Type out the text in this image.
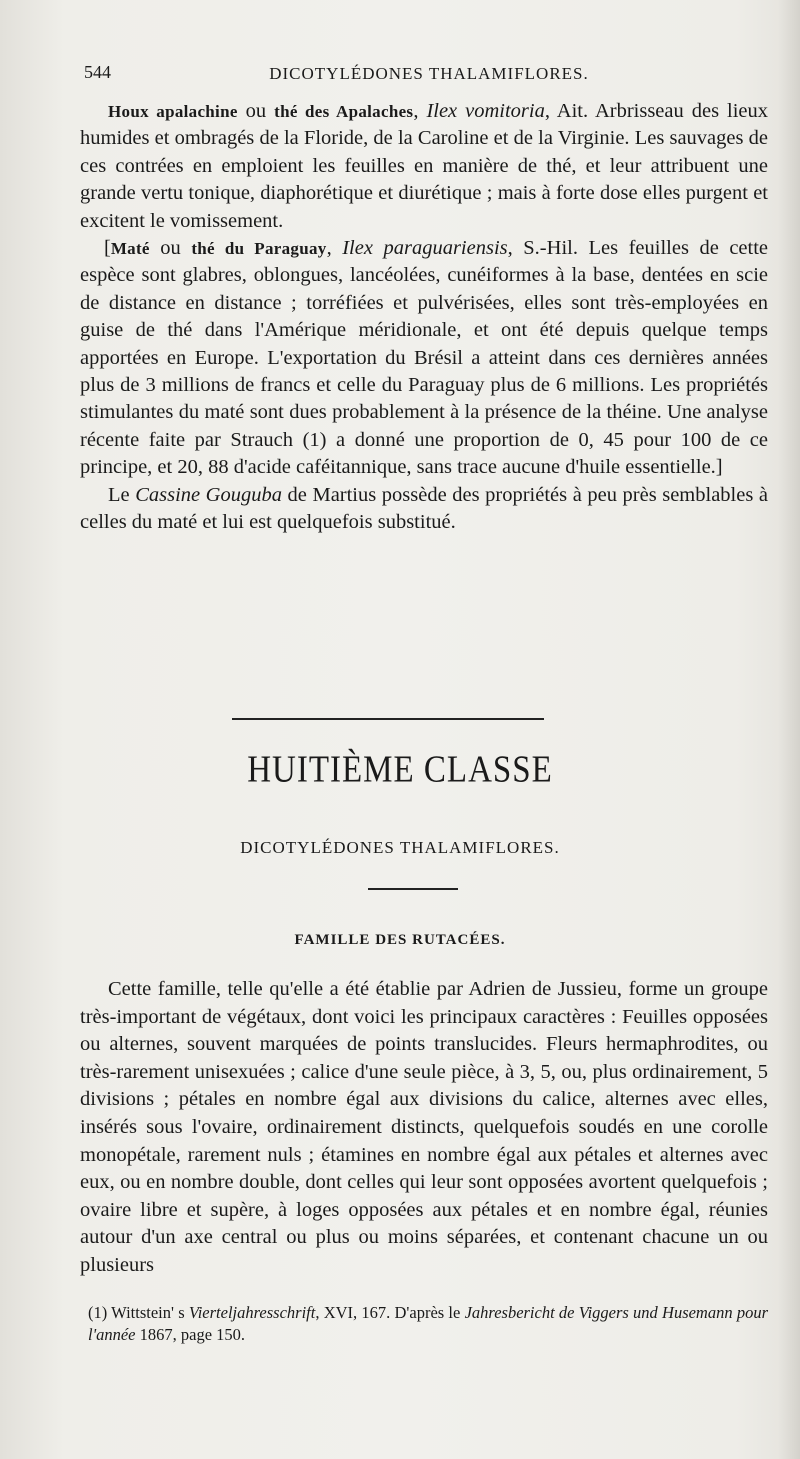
544	DICOTYLÉDONES THALAMIFLORES.

Houx apalachine ou thé des Apalaches, Ilex vomitoria, Ait. Arbrisseau des lieux humides et ombragés de la Floride, de la Caroline et de la Virginie. Les sauvages de ces contrées en emploient les feuilles en manière de thé, et leur attribuent une grande vertu tonique, diaphorétique et diurétique ; mais à forte dose elles purgent et excitent le vomissement.

[Maté ou thé du Paraguay, Ilex paraguariensis, S.-Hil. Les feuilles de cette espèce sont glabres, oblongues, lancéolées, cunéiformes à la base, dentées en scie de distance en distance ; torréfiées et pulvérisées, elles sont très-employées en guise de thé dans l'Amérique méridionale, et ont été depuis quelque temps apportées en Europe. L'exportation du Brésil a atteint dans ces dernières années plus de 3 millions de francs et celle du Paraguay plus de 6 millions. Les propriétés stimulantes du maté sont dues probablement à la présence de la théine. Une analyse récente faite par Strauch (1) a donné une proportion de 0, 45 pour 100 de ce principe, et 20, 88 d'acide caféitannique, sans trace aucune d'huile essentielle.]

Le Cassine Gouguba de Martius possède des propriétés à peu près semblables à celles du maté et lui est quelquefois substitué.

HUITIÈME CLASSE
DICOTYLÉDONES THALAMIFLORES.
FAMILLE DES RUTACÉES.

Cette famille, telle qu'elle a été établie par Adrien de Jussieu, forme un groupe très-important de végétaux, dont voici les principaux caractères : Feuilles opposées ou alternes, souvent marquées de points translucides. Fleurs hermaphrodites, ou très-rarement unisexuées ; calice d'une seule pièce, à 3, 5, ou, plus ordinairement, 5 divisions ; pétales en nombre égal aux divisions du calice, alternes avec elles, insérés sous l'ovaire, ordinairement distincts, quelquefois soudés en une corolle monopétale, rarement nuls ; étamines en nombre égal aux pétales et alternes avec eux, ou en nombre double, dont celles qui leur sont opposées avortent quelquefois ; ovaire libre et supère, à loges opposées aux pétales et en nombre égal, réunies autour d'un axe central ou plus ou moins séparées, et contenant chacune un ou plusieurs

(1) Wittstein' s Vierteljahresschrift, XVI, 167. D'après le Jahresbericht de Viggers und Husemann pour l'année 1867, page 150.
